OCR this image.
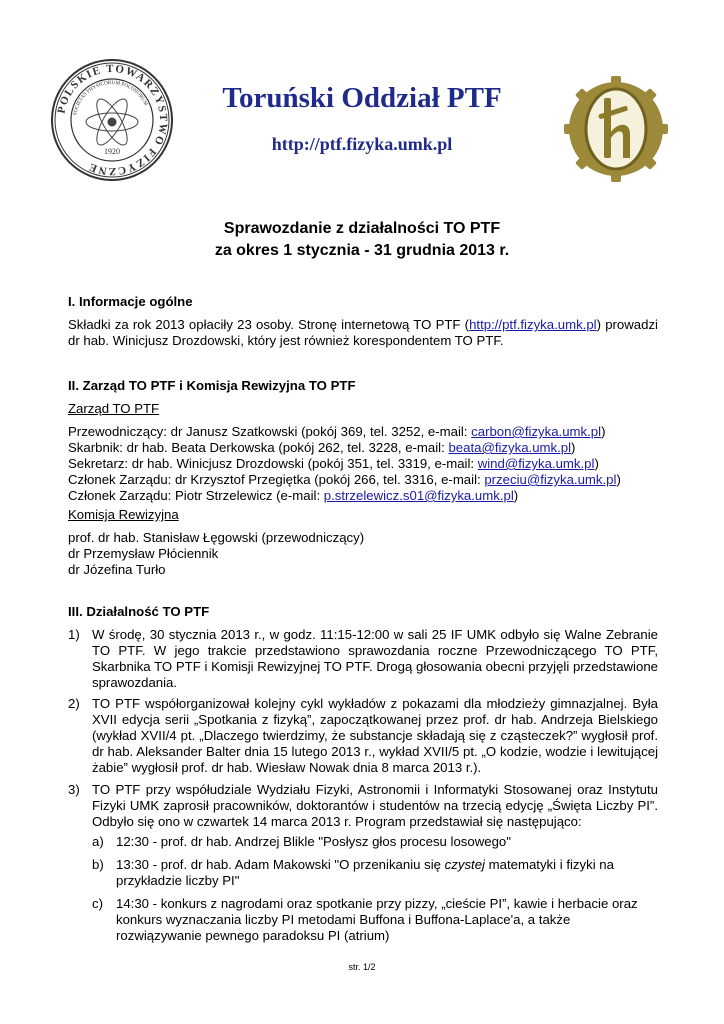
POLSKIE TOWARZYSTWO FIZYCZNE
SOCIETAS PHYSICORUM POLONORUM
1920
Toruński Oddział PTF
http://ptf.fizyka.umk.pl
Sprawozdanie z działalności TO PTF
za okres 1 stycznia - 31 grudnia 2013 r.
I. Informacje ogólne

Składki za rok 2013 opłaciły 23 osoby. Stronę internetową TO PTF (http://ptf.fizyka.umk.pl) prowadzi dr hab. Winicjusz Drozdowski, który jest również korespondentem TO PTF.

II. Zarząd TO PTF i Komisja Rewizyjna TO PTF
Zarząd TO PTF
Przewodniczący: dr Janusz Szatkowski (pokój 369, tel. 3252, e-mail: carbon@fizyka.umk.pl)
Skarbnik: dr hab. Beata Derkowska (pokój 262, tel. 3228, e-mail: beata@fizyka.umk.pl)
Sekretarz: dr hab. Winicjusz Drozdowski (pokój 351, tel. 3319, e-mail: wind@fizyka.umk.pl)
Członek Zarządu: dr Krzysztof Przegiętka (pokój 266, tel. 3316, e-mail: przeciu@fizyka.umk.pl)
Członek Zarządu: Piotr Strzelewicz (e-mail: p.strzelewicz.s01@fizyka.umk.pl)
Komisja Rewizyjna
prof. dr hab. Stanisław Łęgowski (przewodniczący)
dr Przemysław Płóciennik
dr Józefina Turło
III. Działalność TO PTF
1) W środę, 30 stycznia 2013 r., w godz. 11:15-12:00 w sali 25 IF UMK odbyło się Walne Zebranie TO PTF. W jego trakcie przedstawiono sprawozdania roczne Przewodniczącego TO PTF, Skarbnika TO PTF i Komisji Rewizyjnej TO PTF. Drogą głosowania obecni przyjęli przedstawione sprawozdania.
2) TO PTF współorganizował kolejny cykl wykładów z pokazami dla młodzieży gimnazjalnej. Była XVII edycja serii „Spotkania z fizyką”, zapoczątkowanej przez prof. dr hab. Andrzeja Bielskiego (wykład XVII/4 pt. „Dlaczego twierdzimy, że substancje składają się z cząsteczek?” wygłosił prof. dr hab. Aleksander Balter dnia 15 lutego 2013 r., wykład XVII/5 pt. „O kodzie, wodzie i lewitującej żabie” wygłosił prof. dr hab. Wiesław Nowak dnia 8 marca 2013 r.).
3) TO PTF przy współudziale Wydziału Fizyki, Astronomii i Informatyki Stosowanej oraz Instytutu Fizyki UMK zaprosił pracowników, doktorantów i studentów na trzecią edycję „Święta Liczby PI”. Odbyło się ono w czwartek 14 marca 2013 r. Program przedstawiał się następująco:
a) 12:30 - prof. dr hab. Andrzej Blikle "Posłysz głos procesu losowego"
b) 13:30 - prof. dr hab. Adam Makowski "O przenikaniu się czystej matematyki i fizyki na przykładzie liczby PI"
c) 14:30 - konkurs z nagrodami oraz spotkanie przy pizzy, „cieście PI”, kawie i herbacie oraz konkurs wyznaczania liczby PI metodami Buffona i Buffona-Laplace'a, a także rozwiązywanie pewnego paradoksu PI (atrium)
str. 1/2
